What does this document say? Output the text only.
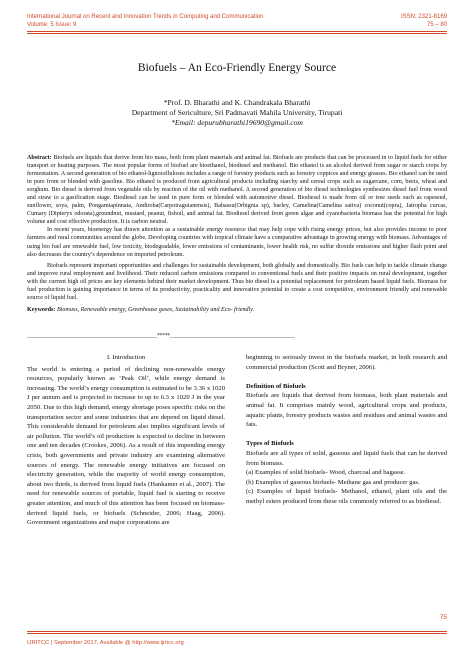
International Journal on Recent and Innovation Trends in Computing and Communication
Volume: 5 Issue: 9
ISSN: 2321-8169
75 – 80
Biofuels – An Eco-Friendly Energy Source
*Prof. D. Bharathi and K. Chandrakala Bharathi
Department of Sericulture, Sri Padmavati Mahila University, Tirupati
*Email: depurubharathi19690@gmail.com

Abstract: Biofuels are liquids that derive from bio mass, both from plant materials and animal fat. Biofuels are products that can be processed in to liquid fuels for either transport or heating purposes. The most popular forms of biofuel are bioethanol, biodiesel and methanol. Bio ethanol is an alcohol derived from sugar or starch crops by fermentation. A second generation of bio ethanol-lignocelluloses includes a range of forestry products such as forestry coppices and energy grasses. Bio ethanol can be used in pure from or blended with gasoline. Bio ethanol is produced from agricultural products including starchy and cereal crops such as sugarcane, corn, beets, wheat and sorghum. Bio diesel is derived from vegetable oils by reaction of the oil with methanol. A second generation of bio diesel technologies synthesizes diesel fuel from wood and straw to a gasification stage. Biodiesel can be used in pure form or blended with automotive diesel. Biodiesel is made from oil or tree seeds such as rapeseed, sunflower, soya, palm, Pongamiapinnata, Andiroba(Carpoiraguianensis), Babassu(Orbignia sp), barley, Camelina(Camelina sativa) coconut(copra), Jatropha curcas, Cumary (Dipteryx odorata),groundnut, mustard, peanut, fishoil, and animal fat. Biodiesel derived from green algae and cyanobacteria biomass has the potential for high volume and cost effective production. It is carbon neutral.

In recent years, bioenergy has drawn attention as a sustainable energy resource that may help cope with rising energy prices, but also provides income to poor farmers and rural communities around the globe. Developing countries with tropical climate have a comparative advantage in growing energy with biomass. Advantages of using bio fuel are renewable fuel, low toxicity, biodegradable, lower emissions of contaminants, lower health risk, no sulfur dioxide emissions and higher flash point and also decreases the country’s dependence on imported petroleum.

Biofuels represent important opportunities and challenges for sustainable development, both globally and domestically. Bio fuels can help to tackle climate change and improve rural employment and livelihood. Their reduced carbon emissions compared to conventional fuels and their positive impacts on rural development, together with the current high oil prices are key elements behind their market development. Thus bio diesel is a potential replacement for petroleum based liquid fuels. Biomass for fuel production is gaining importance in terms of its productivity, practicality and innovative potential to create a cost competitive, environment friendly and renewable source of liquid fuel.

Keywords: Biomass, Renewable energy, Greenhouse gases, Sustainability and Eco- friendly.
__________________________________________________*****________________________________________________

I. Introduction

The world is entering a period of declining non-renewable energy resources, popularly known as ‘Peak Oil’, while energy demand is increasing. The world’s energy consumption is estimated to be 3.36 x 1020 J per annum and is projected to increase to up to 6.3 x 1020 J in the year 2050. Due to this high demand, energy shortage poses specific risks on the transportation sector and some industries that are depend on liquid diesel. This considerable demand for petroleum also implies significant levels of air pollution. The world’s oil production is expected to decline in between one and ten decades (Crookes, 2006). As a result of this impending energy crisis, both governments and private industry are examining alternative sources of energy. The renewable energy initiatives are focused on electricity generation, while the majority of world energy consumption, about two thirds, is derived from liquid fuels (Hankamer et al., 2007). The need for renewable sources of portable, liquid fuel is starting to receive greater attention, and much of this attention has been focused on biomass-derived liquid fuels, or biofuels (Schneider, 2006; Haag, 2006). Government organizations and major corporations are

beginning to seriously invest in the biofuels market, in both research and commercial production (Scott and Bryner, 2006).

Definition of Biofuels

Biofuels are liquids that derived from biomass, both plant materials and animal fat. It comprises mainly wood, agricultural crops and products, aquatic plants, forestry products wastes and residues and animal wastes and fats.

Types of Biofuels

Biofuels are all types of solid, gaseous and liquid fuels that can be derived from biomass.

(a) Examples of solid biofuels- Wood, charcoal and bagasse.

(b) Examples of gaseous biofuels- Methane gas and producer gas.

(c) Examples of liquid biofuels- Methanol, ethanol, plant oils and the methyl esters produced from these oils commonly referred to as biodiesel.

75
IJRITCC | September 2017, Available @ http://www.ijritcc.org
